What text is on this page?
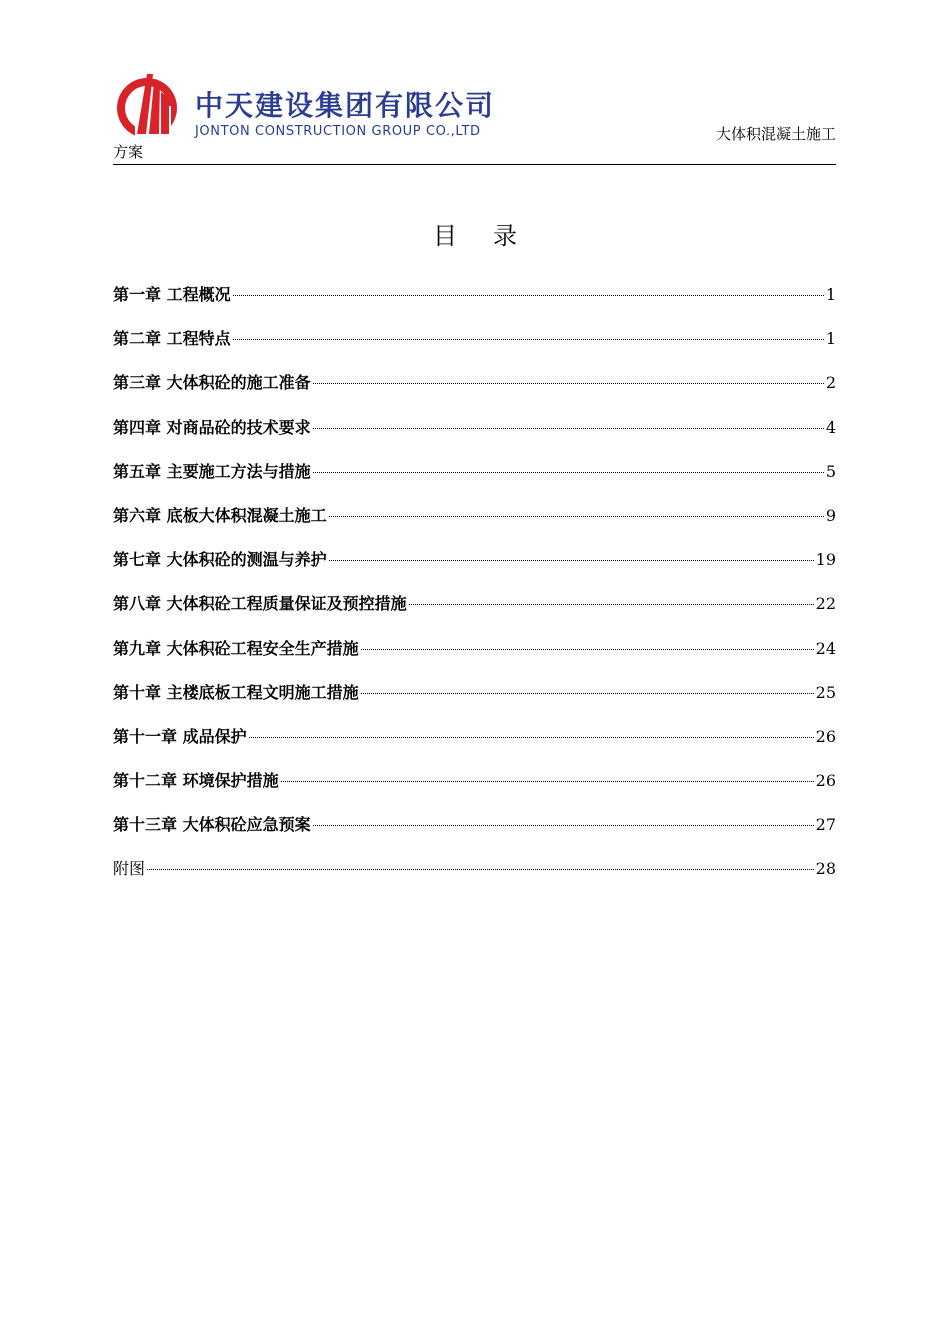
中天建设集团有限公司
JONTON CONSTRUCTION GROUP CO.,LTD	大体积混凝土施工
方案
目录
第一章 工程概况	1
第二章 工程特点	1
第三章 大体积砼的施工准备	2
第四章 对商品砼的技术要求	4
第五章 主要施工方法与措施	5
第六章 底板大体积混凝土施工	9
第七章 大体积砼的测温与养护	19
第八章 大体积砼工程质量保证及预控措施	22
第九章 大体积砼工程安全生产措施	24
第十章 主楼底板工程文明施工措施	25
第十一章 成品保护	26
第十二章 环境保护措施	26
第十三章 大体积砼应急预案	27
附图	28
